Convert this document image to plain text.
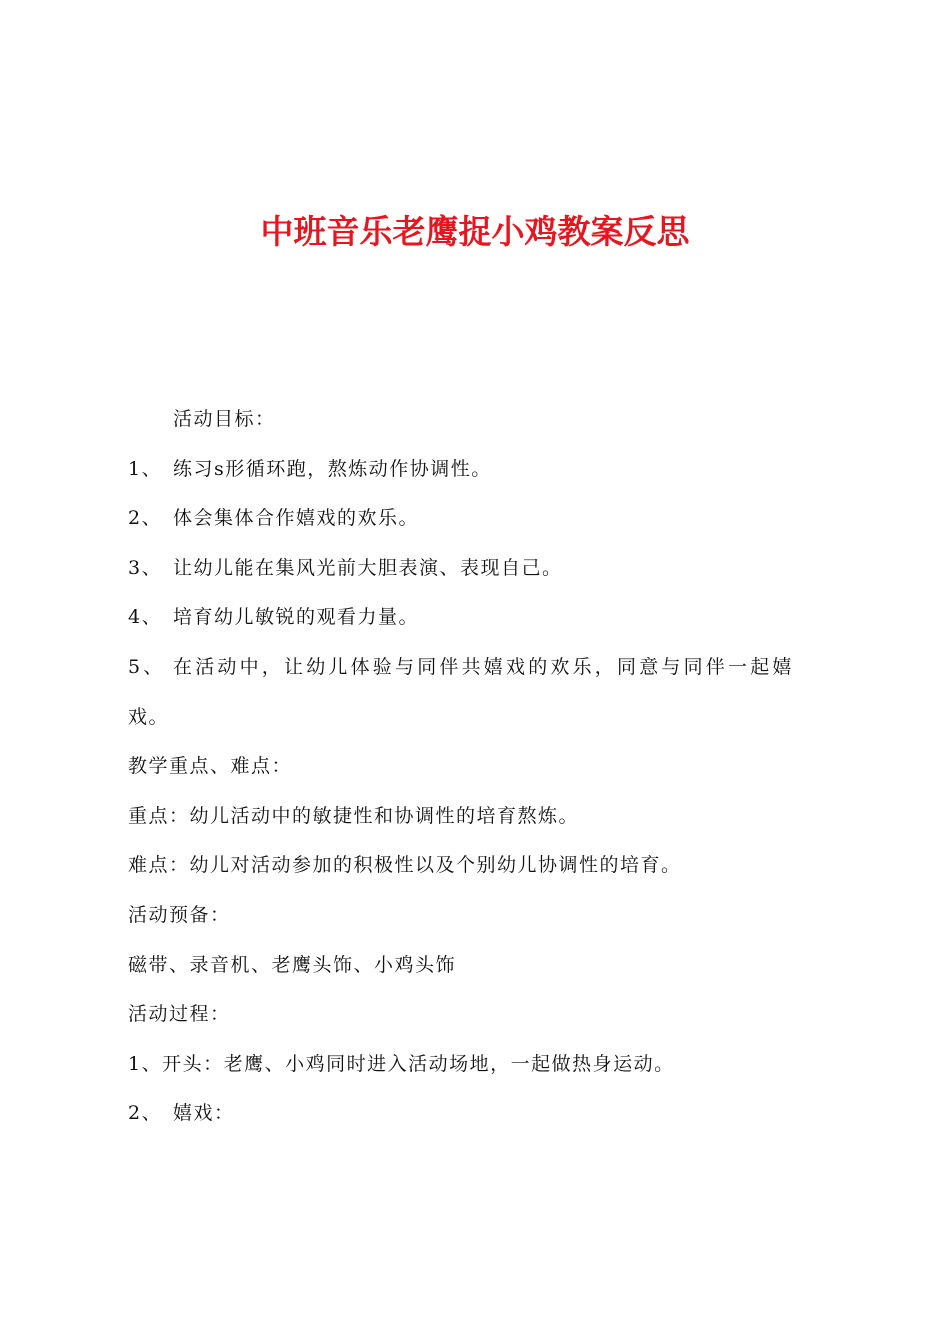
中班音乐老鹰捉小鸡教案反思

活动目标：

1、 练习s形循环跑，熬炼动作协调性。

2、 体会集体合作嬉戏的欢乐。

3、 让幼儿能在集风光前大胆表演、表现自己。

4、 培育幼儿敏锐的观看力量。

5、 在活动中，让幼儿体验与同伴共嬉戏的欢乐，同意与同伴一起嬉

戏。

教学重点、难点：

重点：幼儿活动中的敏捷性和协调性的培育熬炼。

难点：幼儿对活动参加的积极性以及个别幼儿协调性的培育。

活动预备：

磁带、录音机、老鹰头饰、小鸡头饰

活动过程：

1、开头：老鹰、小鸡同时进入活动场地，一起做热身运动。

2、 嬉戏：
